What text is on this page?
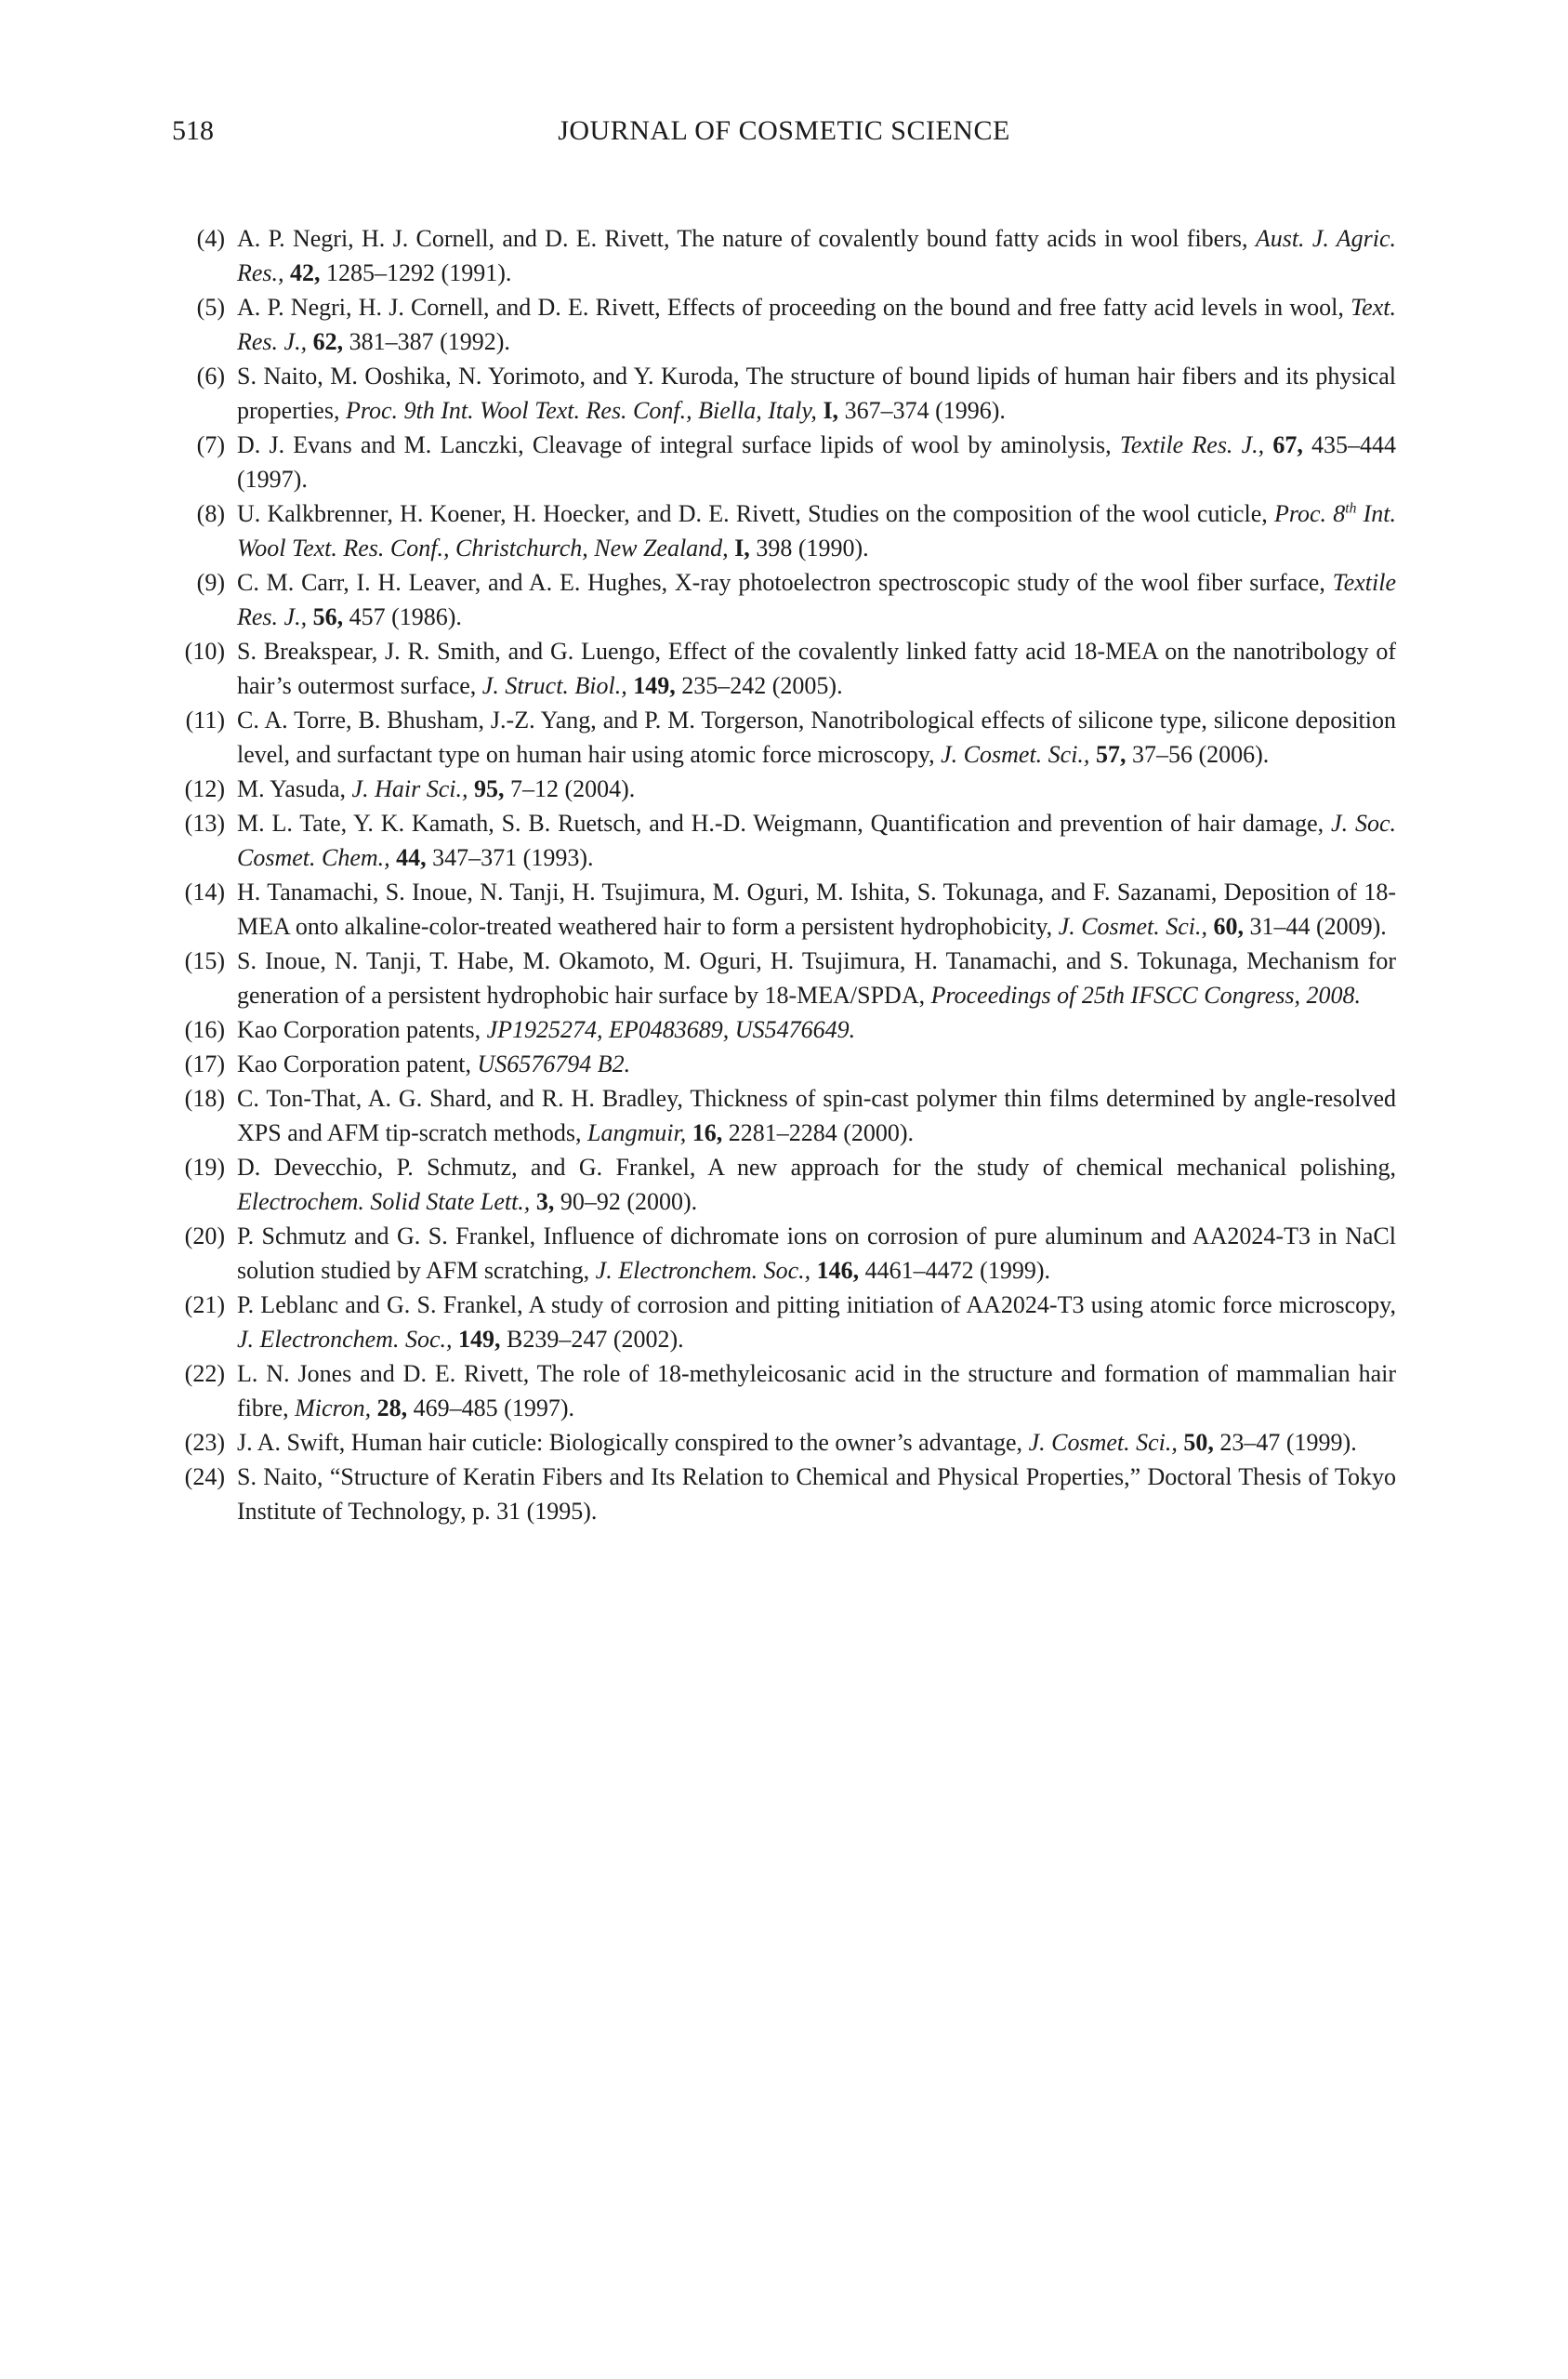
518	JOURNAL OF COSMETIC SCIENCE
(4) A. P. Negri, H. J. Cornell, and D. E. Rivett, The nature of covalently bound fatty acids in wool fibers, Aust. J. Agric. Res., 42, 1285–1292 (1991).
(5) A. P. Negri, H. J. Cornell, and D. E. Rivett, Effects of proceeding on the bound and free fatty acid levels in wool, Text. Res. J., 62, 381–387 (1992).
(6) S. Naito, M. Ooshika, N. Yorimoto, and Y. Kuroda, The structure of bound lipids of human hair fibers and its physical properties, Proc. 9th Int. Wool Text. Res. Conf., Biella, Italy, I, 367–374 (1996).
(7) D. J. Evans and M. Lanczki, Cleavage of integral surface lipids of wool by aminolysis, Textile Res. J., 67, 435–444 (1997).
(8) U. Kalkbrenner, H. Koener, H. Hoecker, and D. E. Rivett, Studies on the composition of the wool cuticle, Proc. 8th Int. Wool Text. Res. Conf., Christchurch, New Zealand, I, 398 (1990).
(9) C. M. Carr, I. H. Leaver, and A. E. Hughes, X-ray photoelectron spectroscopic study of the wool fiber surface, Textile Res. J., 56, 457 (1986).
(10) S. Breakspear, J. R. Smith, and G. Luengo, Effect of the covalently linked fatty acid 18-MEA on the nanotribology of hair’s outermost surface, J. Struct. Biol., 149, 235–242 (2005).
(11) C. A. Torre, B. Bhusham, J.-Z. Yang, and P. M. Torgerson, Nanotribological effects of silicone type, silicone deposition level, and surfactant type on human hair using atomic force microscopy, J. Cosmet. Sci., 57, 37–56 (2006).
(12) M. Yasuda, J. Hair Sci., 95, 7–12 (2004).
(13) M. L. Tate, Y. K. Kamath, S. B. Ruetsch, and H.-D. Weigmann, Quantification and prevention of hair damage, J. Soc. Cosmet. Chem., 44, 347–371 (1993).
(14) H. Tanamachi, S. Inoue, N. Tanji, H. Tsujimura, M. Oguri, M. Ishita, S. Tokunaga, and F. Sazanami, Deposition of 18-MEA onto alkaline-color-treated weathered hair to form a persistent hydrophobicity, J. Cosmet. Sci., 60, 31–44 (2009).
(15) S. Inoue, N. Tanji, T. Habe, M. Okamoto, M. Oguri, H. Tsujimura, H. Tanamachi, and S. Tokunaga, Mechanism for generation of a persistent hydrophobic hair surface by 18-MEA/SPDA, Proceedings of 25th IFSCC Congress, 2008.
(16) Kao Corporation patents, JP1925274, EP0483689, US5476649.
(17) Kao Corporation patent, US6576794 B2.
(18) C. Ton-That, A. G. Shard, and R. H. Bradley, Thickness of spin-cast polymer thin films determined by angle-resolved XPS and AFM tip-scratch methods, Langmuir, 16, 2281–2284 (2000).
(19) D. Devecchio, P. Schmutz, and G. Frankel, A new approach for the study of chemical mechanical polishing, Electrochem. Solid State Lett., 3, 90–92 (2000).
(20) P. Schmutz and G. S. Frankel, Influence of dichromate ions on corrosion of pure aluminum and AA2024-T3 in NaCl solution studied by AFM scratching, J. Electronchem. Soc., 146, 4461–4472 (1999).
(21) P. Leblanc and G. S. Frankel, A study of corrosion and pitting initiation of AA2024-T3 using atomic force microscopy, J. Electronchem. Soc., 149, B239–247 (2002).
(22) L. N. Jones and D. E. Rivett, The role of 18-methyleicosanic acid in the structure and formation of mammalian hair fibre, Micron, 28, 469–485 (1997).
(23) J. A. Swift, Human hair cuticle: Biologically conspired to the owner’s advantage, J. Cosmet. Sci., 50, 23–47 (1999).
(24) S. Naito, “Structure of Keratin Fibers and Its Relation to Chemical and Physical Properties,” Doctoral Thesis of Tokyo Institute of Technology, p. 31 (1995).
